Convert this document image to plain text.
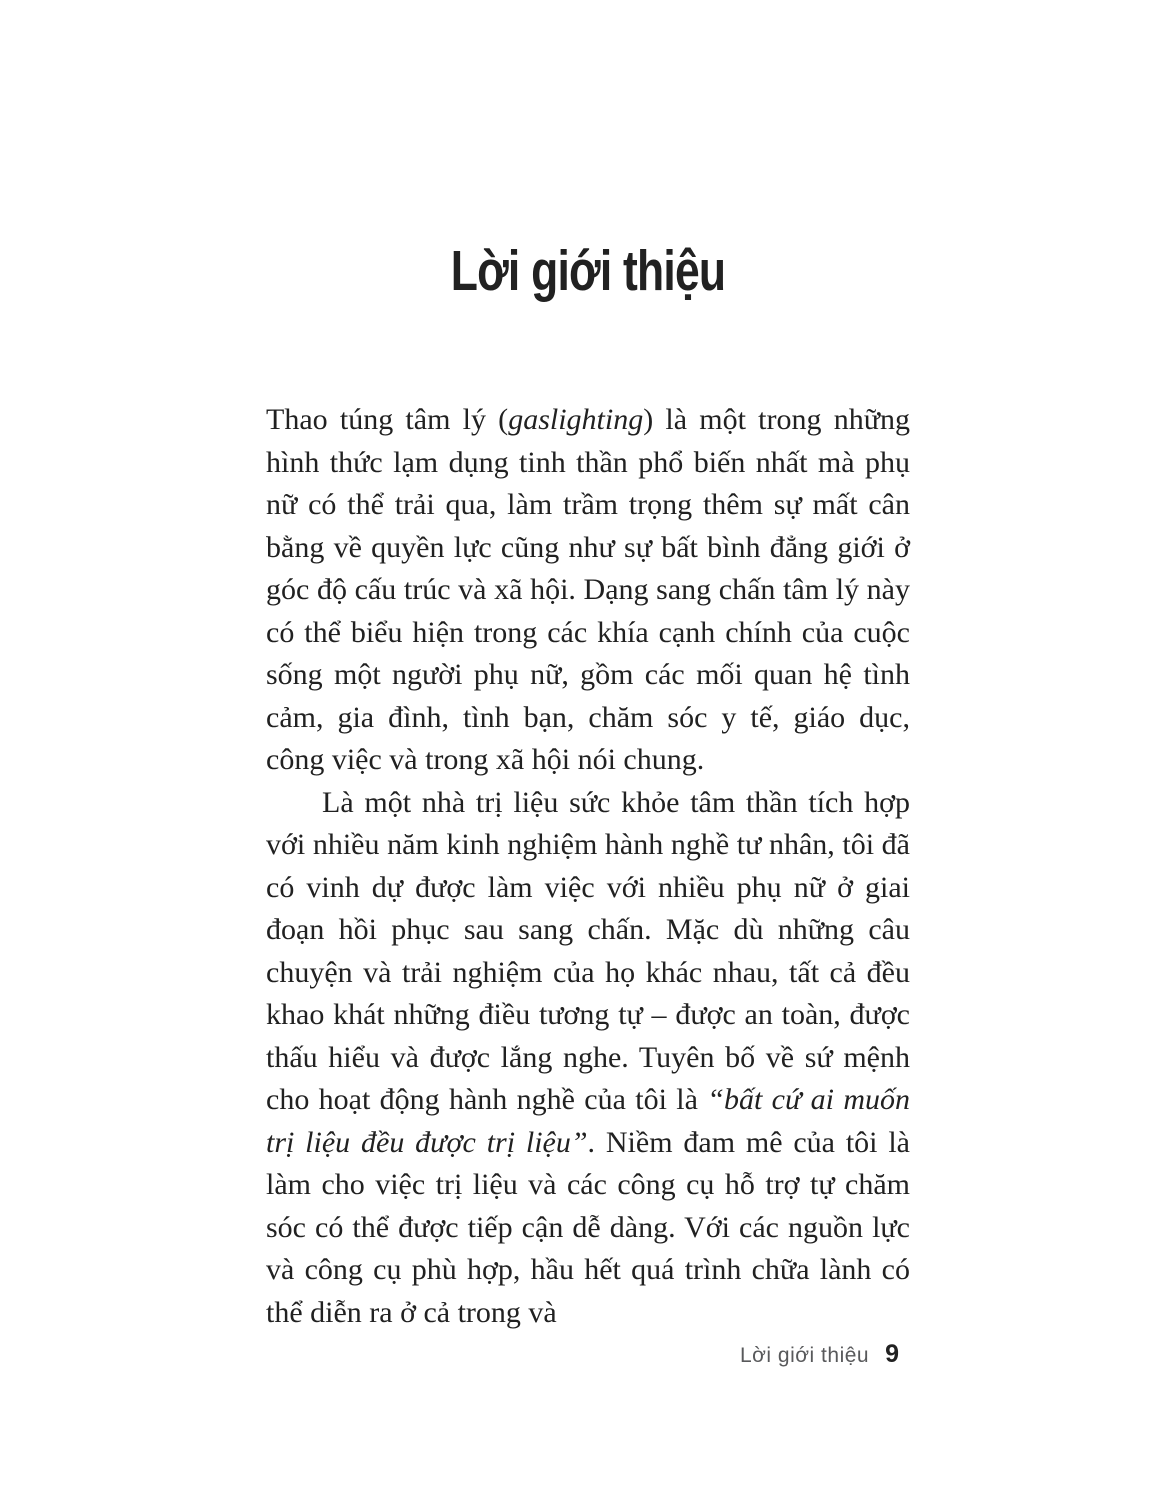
Lời giới thiệu

Thao túng tâm lý (gaslighting) là một trong những hình thức lạm dụng tinh thần phổ biến nhất mà phụ nữ có thể trải qua, làm trầm trọng thêm sự mất cân bằng về quyền lực cũng như sự bất bình đẳng giới ở góc độ cấu trúc và xã hội. Dạng sang chấn tâm lý này có thể biểu hiện trong các khía cạnh chính của cuộc sống một người phụ nữ, gồm các mối quan hệ tình cảm, gia đình, tình bạn, chăm sóc y tế, giáo dục, công việc và trong xã hội nói chung.

Là một nhà trị liệu sức khỏe tâm thần tích hợp với nhiều năm kinh nghiệm hành nghề tư nhân, tôi đã có vinh dự được làm việc với nhiều phụ nữ ở giai đoạn hồi phục sau sang chấn. Mặc dù những câu chuyện và trải nghiệm của họ khác nhau, tất cả đều khao khát những điều tương tự – được an toàn, được thấu hiểu và được lắng nghe. Tuyên bố về sứ mệnh cho hoạt động hành nghề của tôi là “bất cứ ai muốn trị liệu đều được trị liệu”. Niềm đam mê của tôi là làm cho việc trị liệu và các công cụ hỗ trợ tự chăm sóc có thể được tiếp cận dễ dàng. Với các nguồn lực và công cụ phù hợp, hầu hết quá trình chữa lành có thể diễn ra ở cả trong và

Lời giới thiệu 9
